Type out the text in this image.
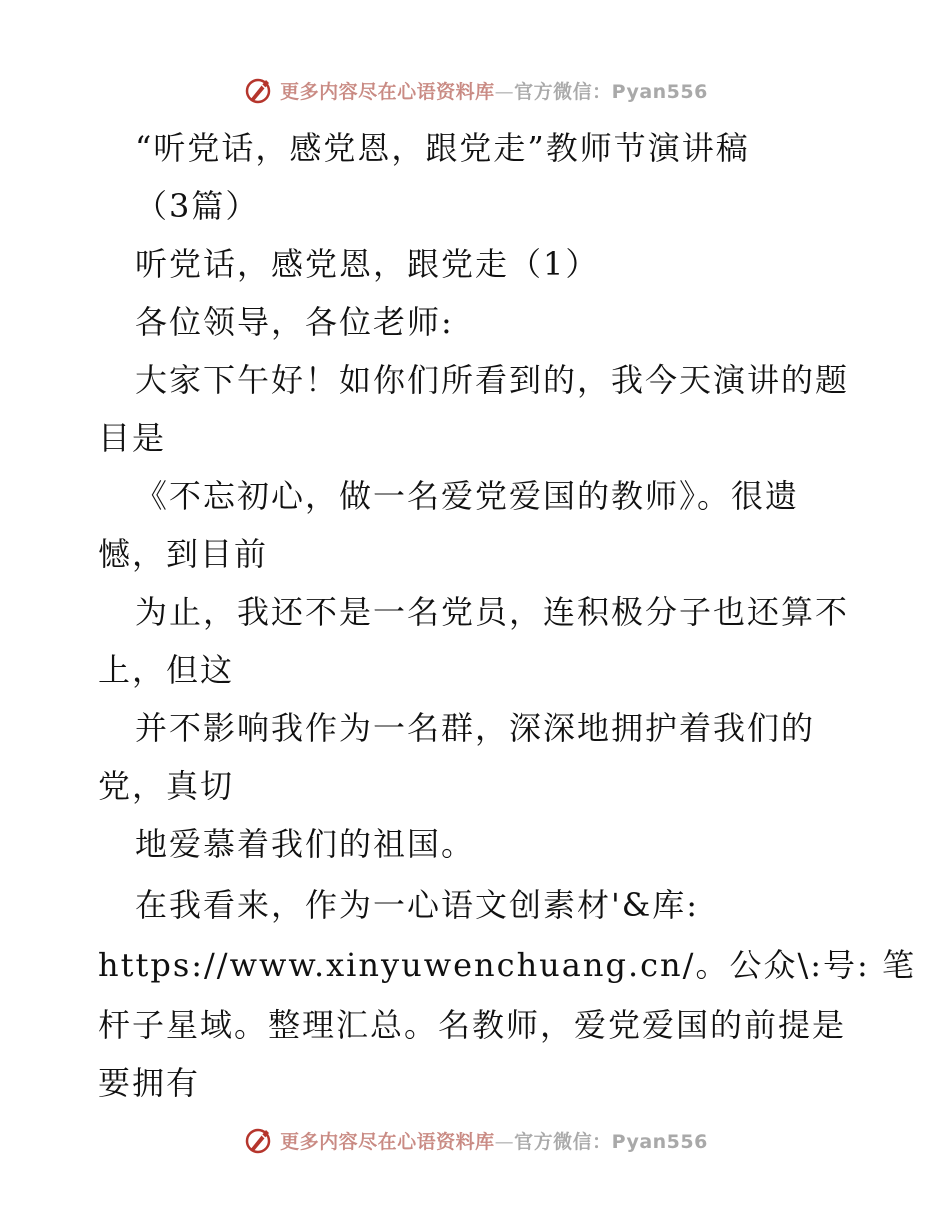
更多内容尽在心语资料库—官方微信：Pyan556
“听党话，感党恩，跟党走”教师节演讲稿
（3篇）
听党话，感党恩，跟党走（1）
各位领导，各位老师:
大家下午好！如你们所看到的，我今天演讲的题
目是
《不忘初心，做一名爱党爱国的教师》。很遗
憾，到目前
为止，我还不是一名党员，连积极分子也还算不
上，但这
并不影响我作为一名群，深深地拥护着我们的
党，真切
地爱慕着我们的祖国。
在我看来，作为一心语文创素材'&库:
https://www.xinyuwenchuang.cn/。公众\:号: 笔
杆子星域。整理汇总。名教师，爱党爱国的前提是
要拥有
更多内容尽在心语资料库—官方微信：Pyan556
